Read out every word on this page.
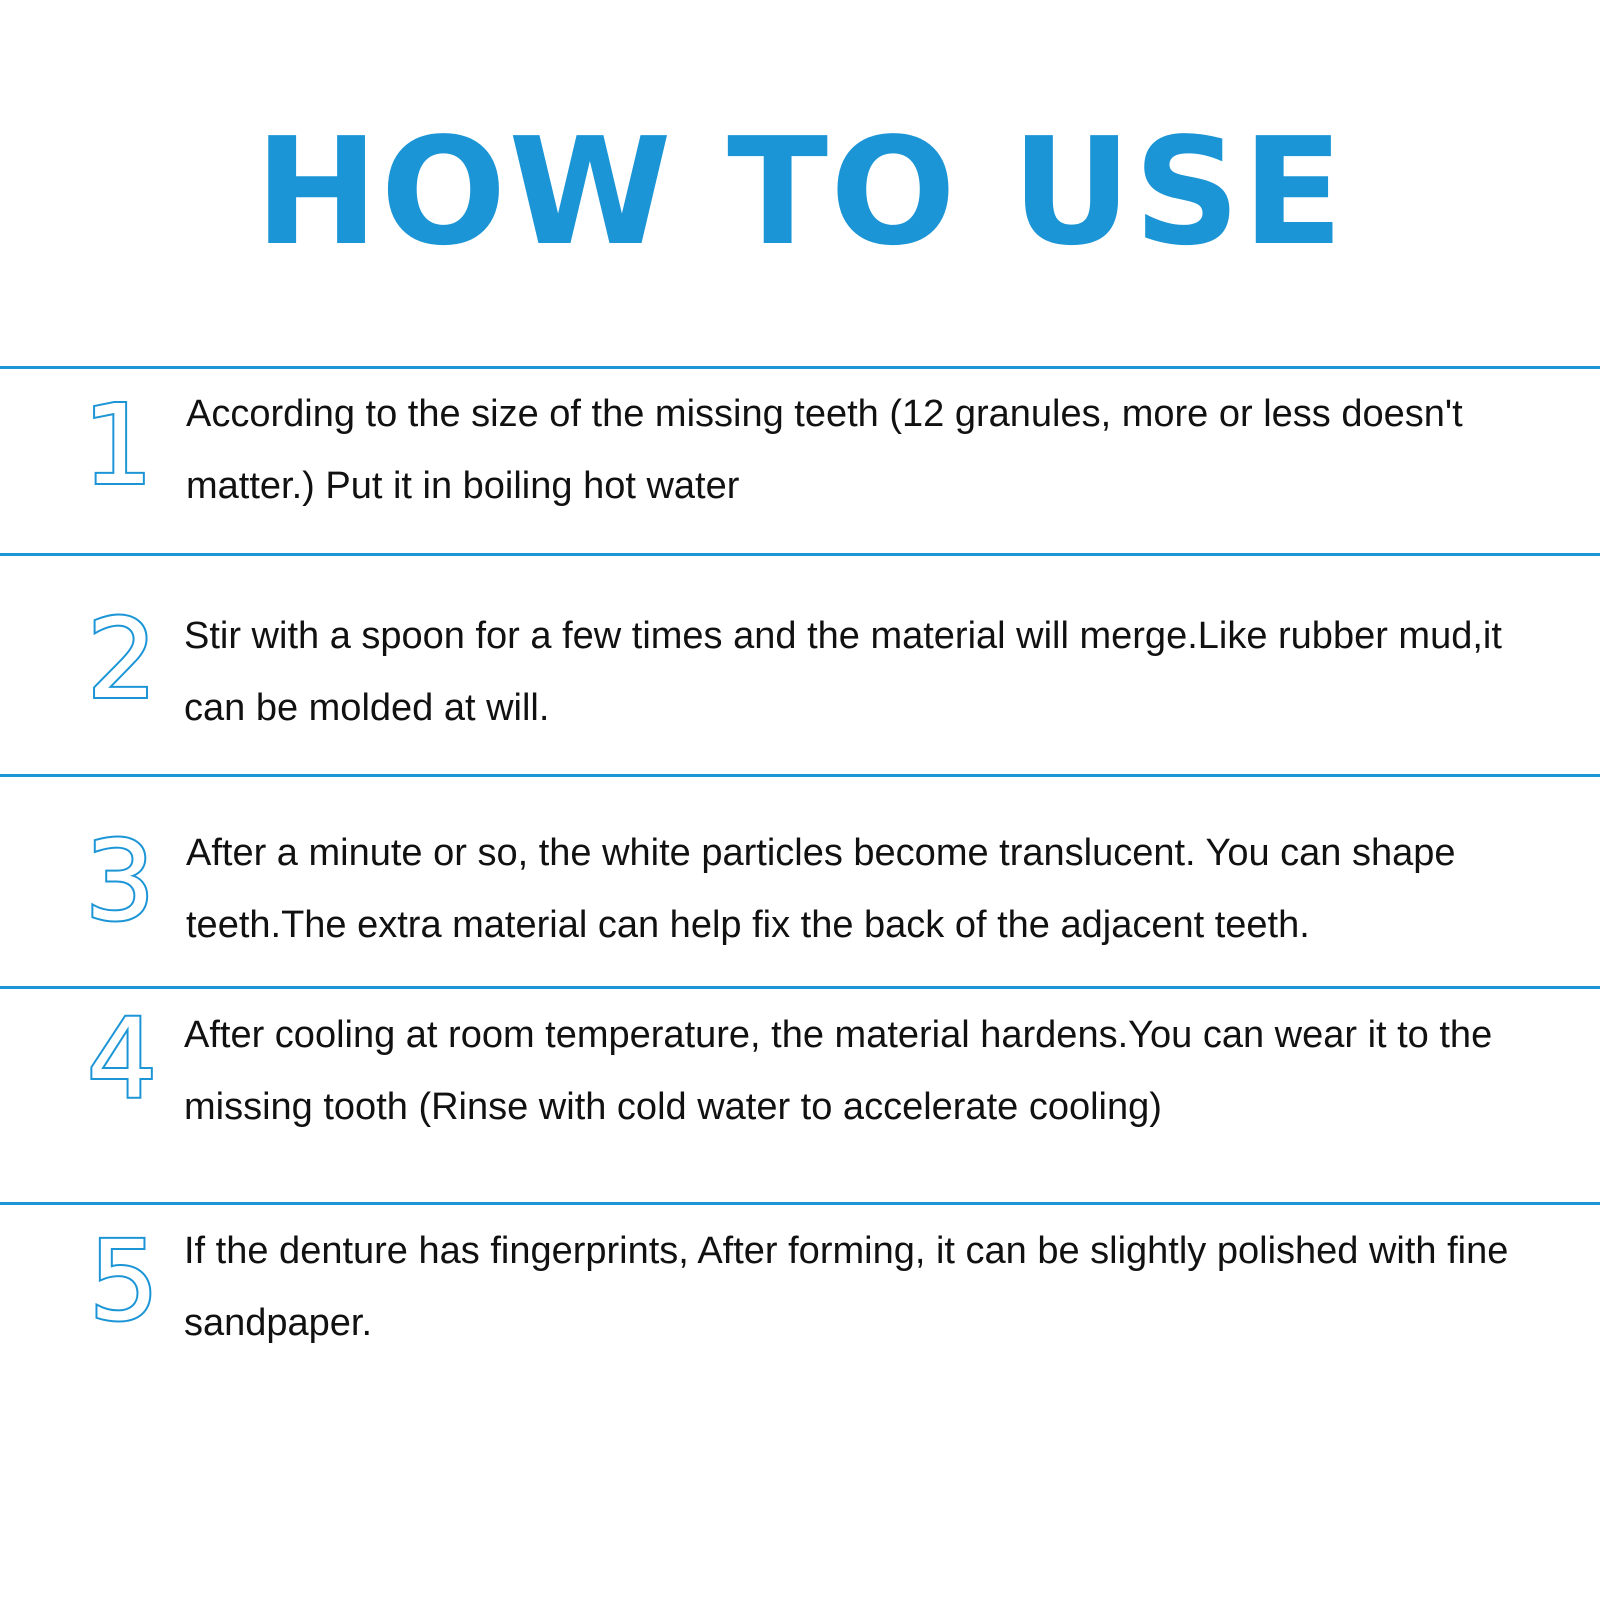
HOW TO USE
1 According to the size of the missing teeth (12 granules, more or less doesn't matter.) Put it in boiling hot water
2 Stir with a spoon for a few times and the material will merge.Like rubber mud,it can be molded at will.
3 After a minute or so, the white particles become translucent. You can shape teeth.The extra material can help fix the back of the adjacent teeth.
4 After cooling at room temperature, the material hardens.You can wear it to the missing tooth (Rinse with cold water to accelerate cooling)
5 If the denture has fingerprints, After forming, it can be slightly polished with fine sandpaper.
